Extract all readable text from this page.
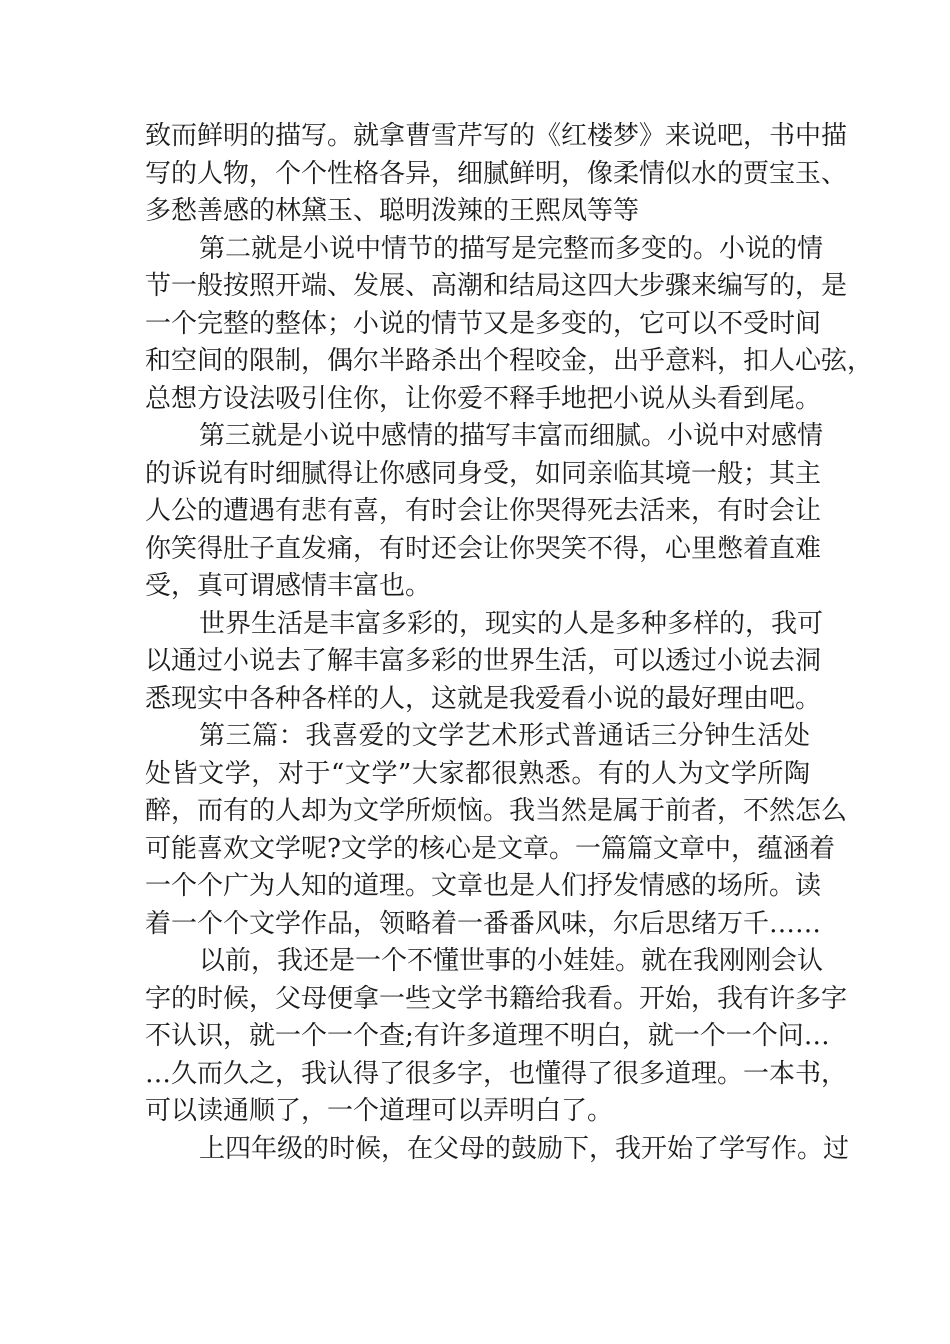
致而鲜明的描写。就拿曹雪芹写的《红楼梦》来说吧，书中描
写的人物，个个性格各异，细腻鲜明，像柔情似水的贾宝玉、
多愁善感的林黛玉、聪明泼辣的王熙凤等等
第二就是小说中情节的描写是完整而多变的。小说的情
节一般按照开端、发展、高潮和结局这四大步骤来编写的，是
一个完整的整体；小说的情节又是多变的，它可以不受时间
和空间的限制，偶尔半路杀出个程咬金，出乎意料，扣人心弦，
总想方设法吸引住你，让你爱不释手地把小说从头看到尾。
第三就是小说中感情的描写丰富而细腻。小说中对感情
的诉说有时细腻得让你感同身受，如同亲临其境一般；其主
人公的遭遇有悲有喜，有时会让你哭得死去活来，有时会让
你笑得肚子直发痛，有时还会让你哭笑不得，心里憋着直难
受，真可谓感情丰富也。
世界生活是丰富多彩的，现实的人是多种多样的，我可
以通过小说去了解丰富多彩的世界生活，可以透过小说去洞
悉现实中各种各样的人，这就是我爱看小说的最好理由吧。
第三篇：我喜爱的文学艺术形式普通话三分钟生活处
处皆文学，对于“文学”大家都很熟悉。有的人为文学所陶
醉，而有的人却为文学所烦恼。我当然是属于前者，不然怎么
可能喜欢文学呢?文学的核心是文章。一篇篇文章中，蕴涵着
一个个广为人知的道理。文章也是人们抒发情感的场所。读
着一个个文学作品，领略着一番番风味，尔后思绪万千……
以前，我还是一个不懂世事的小娃娃。就在我刚刚会认
字的时候，父母便拿一些文学书籍给我看。开始，我有许多字
不认识，就一个一个查;有许多道理不明白，就一个一个问…
…久而久之，我认得了很多字，也懂得了很多道理。一本书，
可以读通顺了，一个道理可以弄明白了。
上四年级的时候，在父母的鼓励下，我开始了学写作。过
